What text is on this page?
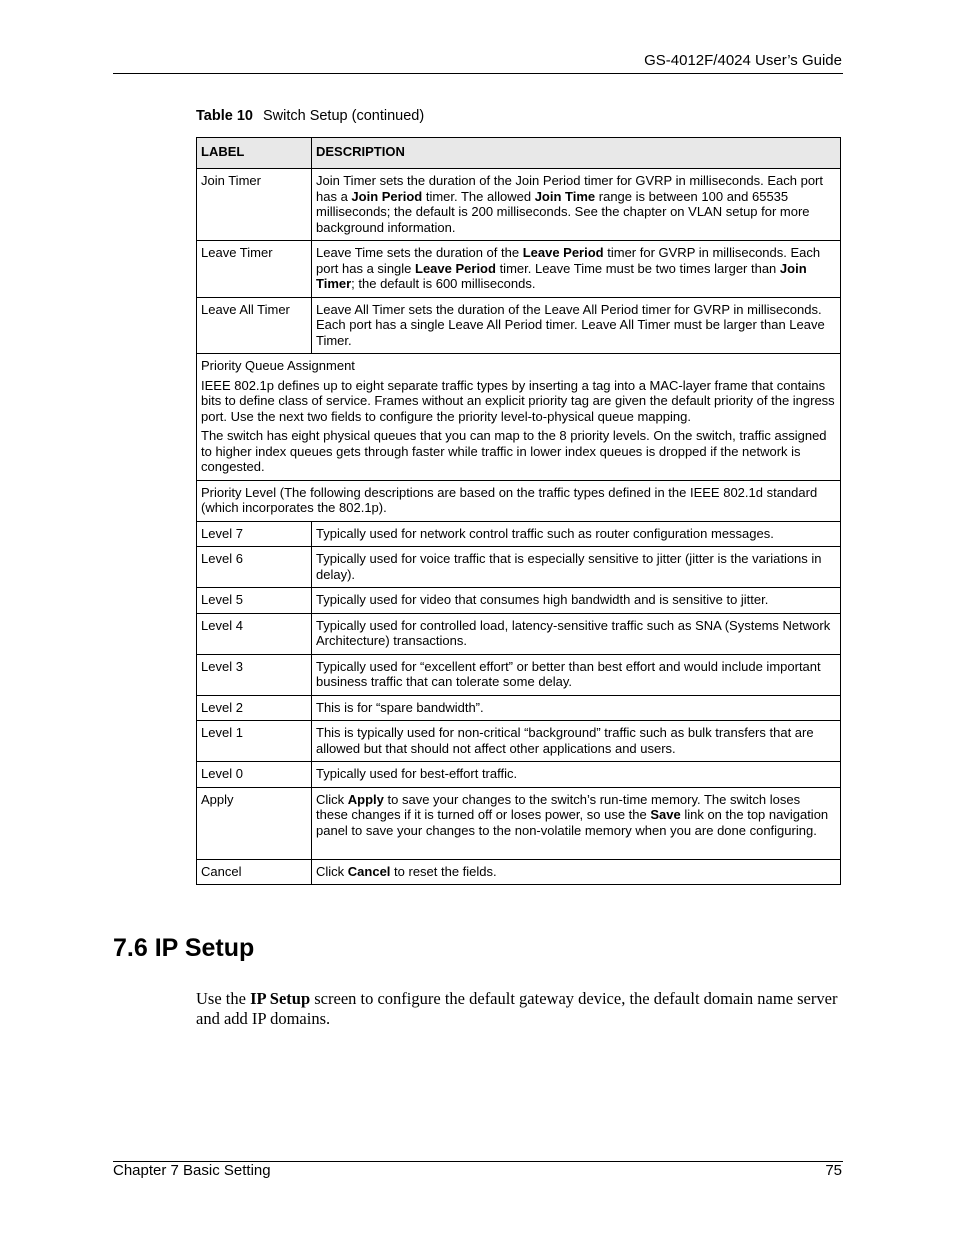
GS-4012F/4024 User’s Guide
Table 10 Switch Setup (continued)
LABEL	DESCRIPTION
Join Timer	Join Timer sets the duration of the Join Period timer for GVRP in milliseconds. Each port has a Join Period timer. The allowed Join Time range is between 100 and 65535 milliseconds; the default is 200 milliseconds. See the chapter on VLAN setup for more background information.
Leave Timer	Leave Time sets the duration of the Leave Period timer for GVRP in milliseconds. Each port has a single Leave Period timer. Leave Time must be two times larger than Join Timer; the default is 600 milliseconds.
Leave All Timer	Leave All Timer sets the duration of the Leave All Period timer for GVRP in milliseconds. Each port has a single Leave All Period timer. Leave All Timer must be larger than Leave Timer.

Priority Queue Assignment

IEEE 802.1p defines up to eight separate traffic types by inserting a tag into a MAC-layer frame that contains bits to define class of service. Frames without an explicit priority tag are given the default priority of the ingress port. Use the next two fields to configure the priority level-to-physical queue mapping.

The switch has eight physical queues that you can map to the 8 priority levels. On the switch, traffic assigned to higher index queues gets through faster while traffic in lower index queues is dropped if the network is congested.	

Priority Level (The following descriptions are based on the traffic types defined in the IEEE 802.1d standard (which incorporates the 802.1p).	
Level 7	Typically used for network control traffic such as router configuration messages.
Level 6	Typically used for voice traffic that is especially sensitive to jitter (jitter is the variations in delay).
Level 5	Typically used for video that consumes high bandwidth and is sensitive to jitter.
Level 4	Typically used for controlled load, latency-sensitive traffic such as SNA (Systems Network Architecture) transactions.
Level 3	Typically used for “excellent effort” or better than best effort and would include important business traffic that can tolerate some delay.
Level 2	This is for “spare bandwidth”.
Level 1	This is typically used for non-critical “background” traffic such as bulk transfers that are allowed but that should not affect other applications and users.
Level 0	Typically used for best-effort traffic.
Apply	Click Apply to save your changes to the switch’s run-time memory. The switch loses these changes if it is turned off or loses power, so use the Save link on the top navigation panel to save your changes to the non-volatile memory when you are done configuring.
Cancel	Click Cancel to reset the fields.
7.6 IP Setup

Use the IP Setup screen to configure the default gateway device, the default domain name server and add IP domains.

Chapter 7 Basic Setting	75
